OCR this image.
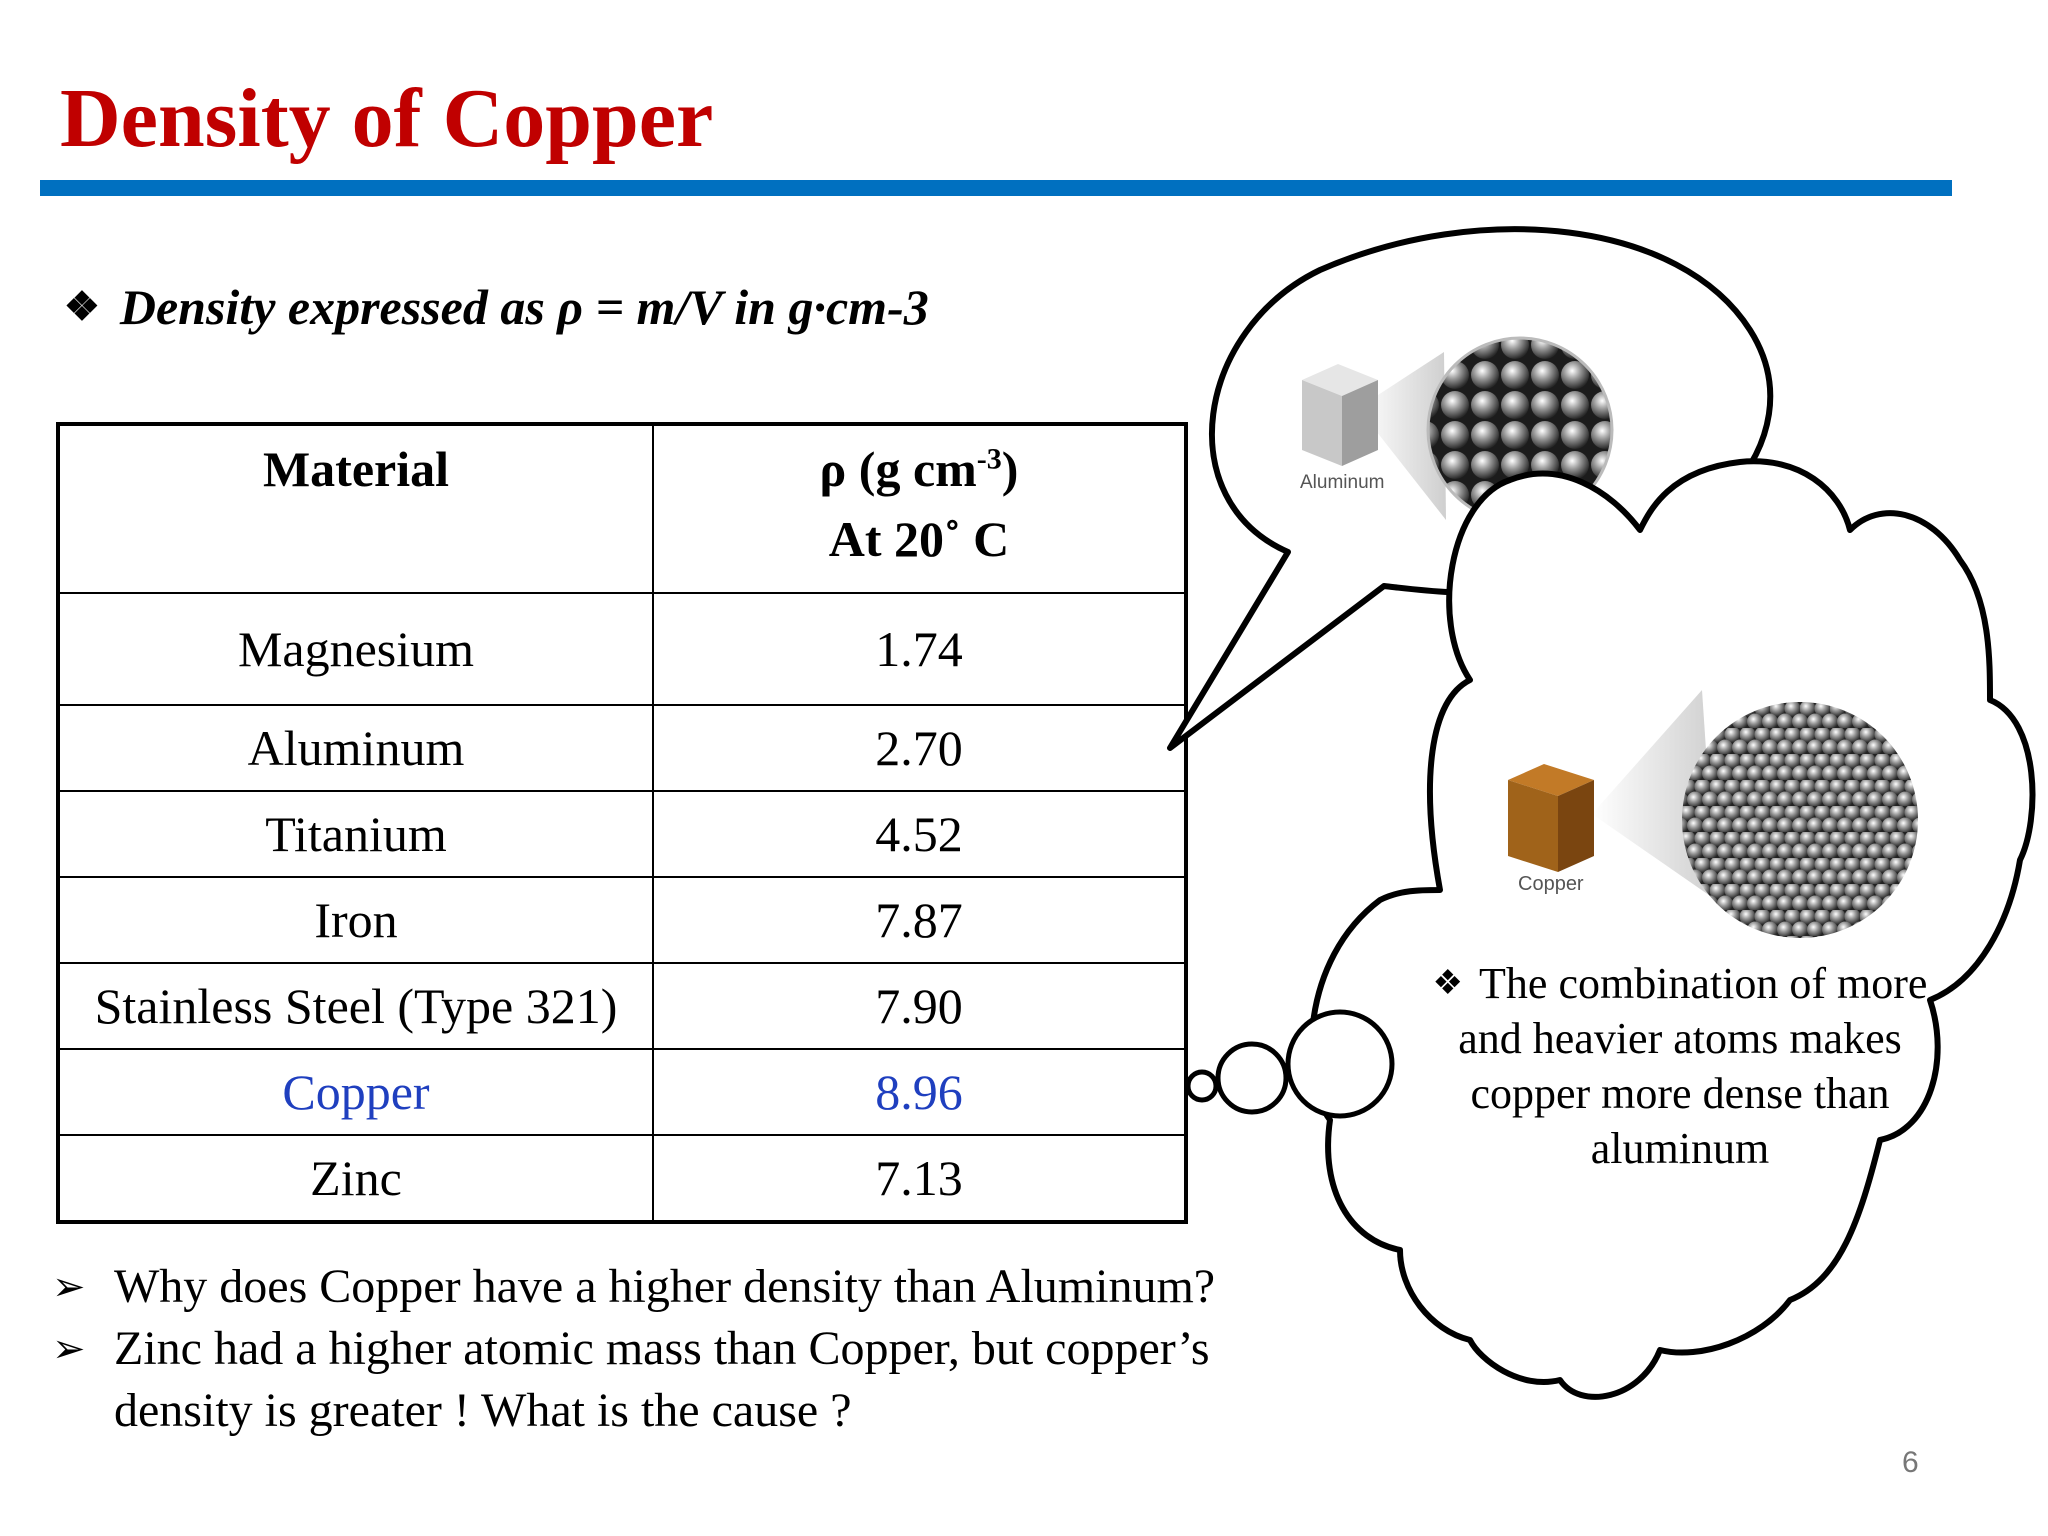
Density of Copper
❖ Density expressed as ρ = m/V in g·cm-3
Material	ρ (g $cm^{-3}$)
At 20˚ C

Magnesium	1.74
Aluminum	2.70
Titanium	4.52
Iron	7.87
Stainless Steel (Type 321)	7.90
Copper	8.96
Zinc	7.13
Aluminum
Copper
❖ The combination of more and heavier atoms makes copper more dense than aluminum
➢ Why does Copper have a higher density than Aluminum?
➢ Zinc had a higher atomic mass than Copper, but copper’s
density is greater ! What is the cause ?
6
